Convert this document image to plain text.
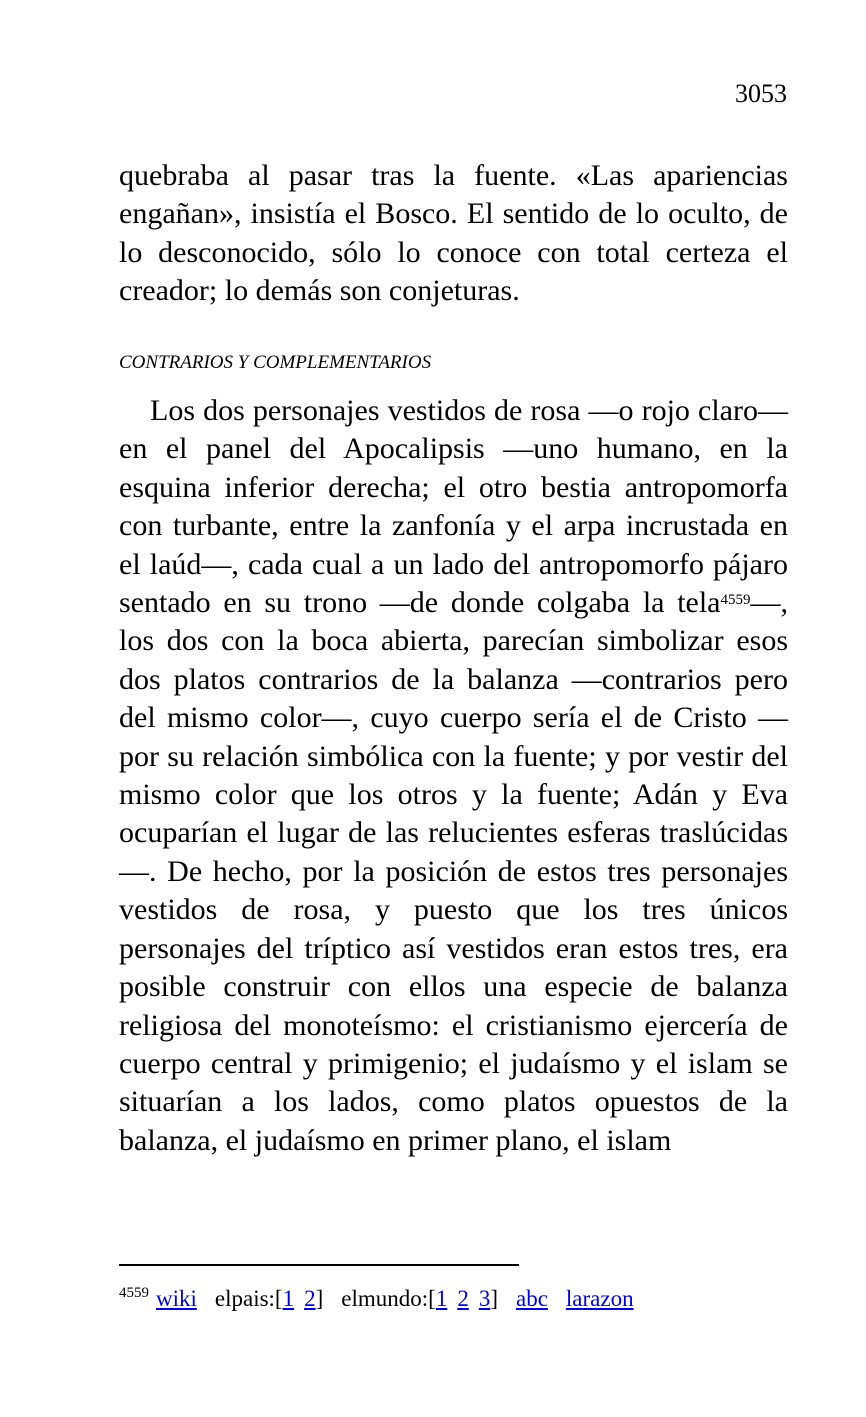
3053
quebraba al pasar tras la fuente. «Las apariencias engañan», insistía el Bosco. El sentido de lo oculto, de lo desconocido, sólo lo conoce con total certeza el creador; lo demás son conjeturas.
CONTRARIOS Y COMPLEMENTARIOS
Los dos personajes vestidos de rosa —o rojo claro— en el panel del Apocalipsis —uno humano, en la esquina inferior derecha; el otro bestia antropomorfa con turbante, entre la zanfonía y el arpa incrustada en el laúd—, cada cual a un lado del antropomorfo pájaro sentado en su trono —de donde colgaba la tela$^{4559}$—, los dos con la boca abierta, parecían simbolizar esos dos platos contrarios de la balanza —contrarios pero del mismo color—, cuyo cuerpo sería el de Cristo —por su relación simbólica con la fuente; y por vestir del mismo color que los otros y la fuente; Adán y Eva ocuparían el lugar de las relucientes esferas traslúcidas—. De hecho, por la posición de estos tres personajes vestidos de rosa, y puesto que los tres únicos personajes del tríptico así vestidos eran estos tres, era posible construir con ellos una especie de balanza religiosa del monoteísmo: el cristianismo ejercería de cuerpo central y primigenio; el judaísmo y el islam se situarían a los lados, como platos opuestos de la balanza, el judaísmo en primer plano, el islam
$^{4559}$ wiki elpais:[1 2] elmundo:[1 2 3] abc larazon
